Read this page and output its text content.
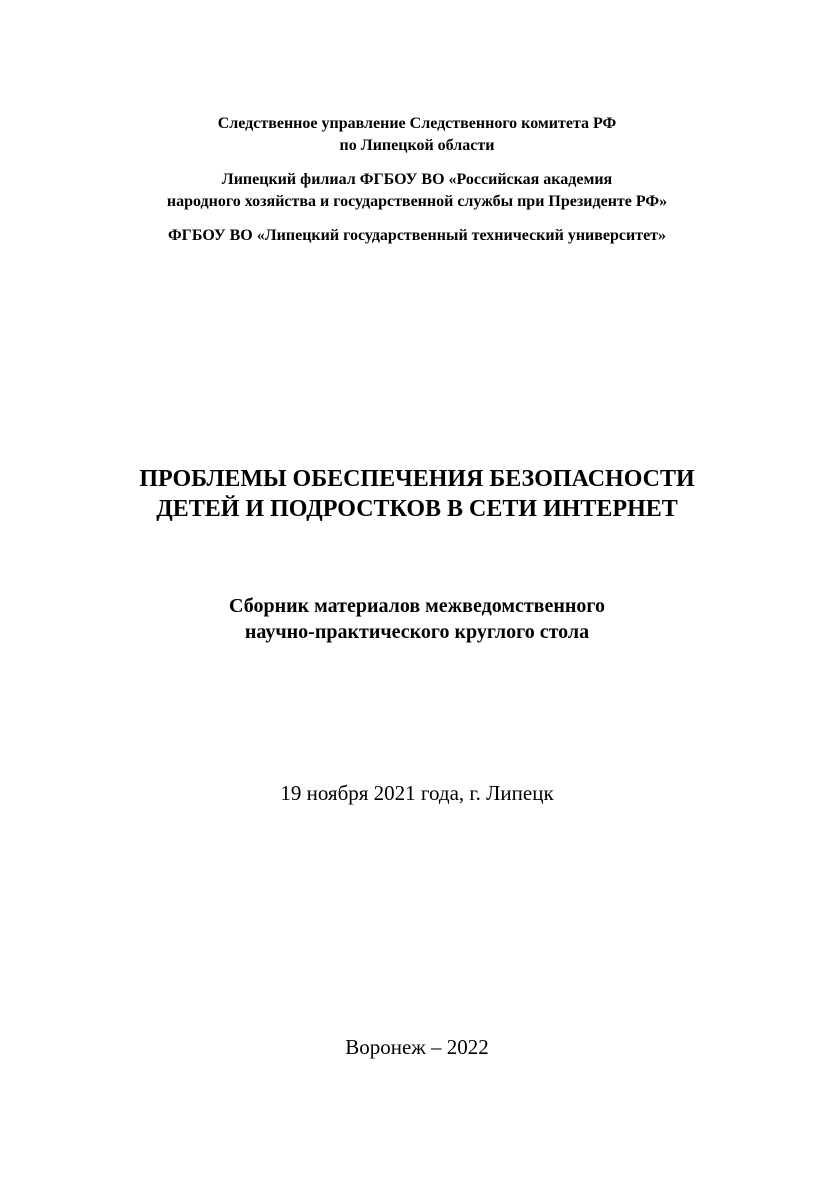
Следственное управление Следственного комитета РФ
по Липецкой области
Липецкий филиал ФГБОУ ВО «Российская академия
народного хозяйства и государственной службы при Президенте РФ»
ФГБОУ ВО «Липецкий государственный технический университет»
ПРОБЛЕМЫ ОБЕСПЕЧЕНИЯ БЕЗОПАСНОСТИ
ДЕТЕЙ И ПОДРОСТКОВ В СЕТИ ИНТЕРНЕТ
Сборник материалов межведомственного
научно-практического круглого стола
19 ноября 2021 года, г. Липецк
Воронеж – 2022
